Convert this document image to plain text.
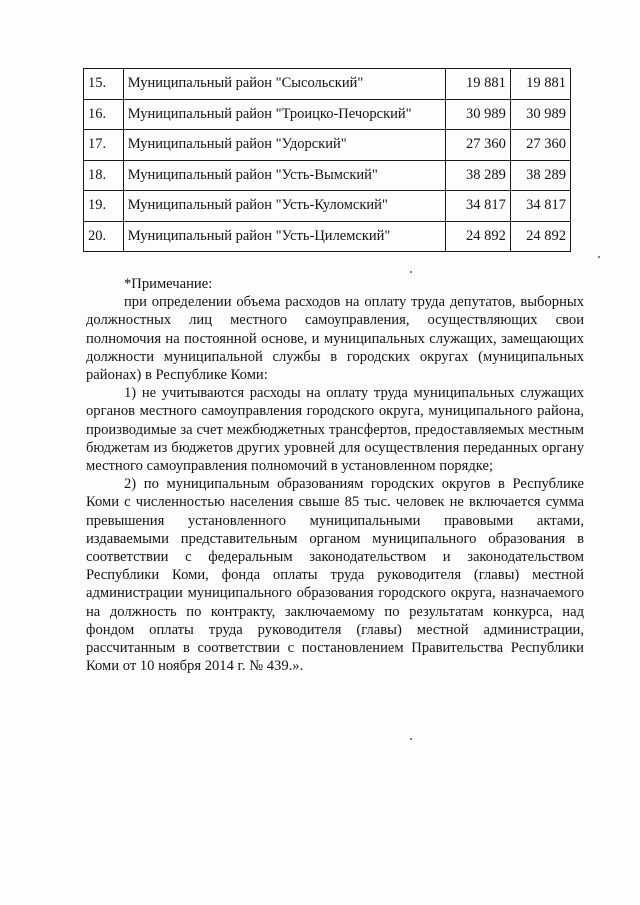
15.	Муниципальный район "Сысольский"	19 881	19 881
16.	Муниципальный район "Троицко-Печорский"	30 989	30 989
17.	Муниципальный район "Удорский"	27 360	27 360
18.	Муниципальный район "Усть-Вымский"	38 289	38 289
19.	Муниципальный район "Усть-Куломский"	34 817	34 817
20.	Муниципальный район "Усть-Цилемский"	24 892	24 892

*Примечание:

при определении объема расходов на оплату труда депутатов, выборных должностных лиц местного самоуправления, осуществляющих свои полномочия на постоянной основе, и муниципальных служащих, замещающих должности муниципальной службы в городских округах (муниципальных районах) в Республике Коми:

1) не учитываются расходы на оплату труда муниципальных служащих органов местного самоуправления городского округа, муниципального района, производимые за счет межбюджетных трансфертов, предоставляемых местным бюджетам из бюджетов других уровней для осуществления переданных органу местного самоуправления полномочий в установленном порядке;

2) по муниципальным образованиям городских округов в Республике Коми с численностью населения свыше 85 тыс. человек не включается сумма превышения установленного муниципальными правовыми актами, издаваемыми представительным органом муниципального образования в соответствии с федеральным законодательством и законодательством Республики Коми, фонда оплаты труда руководителя (главы) местной администрации муниципального образования городского округа, назначаемого на должность по контракту, заключаемому по результатам конкурса, над фондом оплаты труда руководителя (главы) местной администрации, рассчитанным в соответствии с постановлением Правительства Республики Коми от 10 ноября 2014 г. № 439.».
